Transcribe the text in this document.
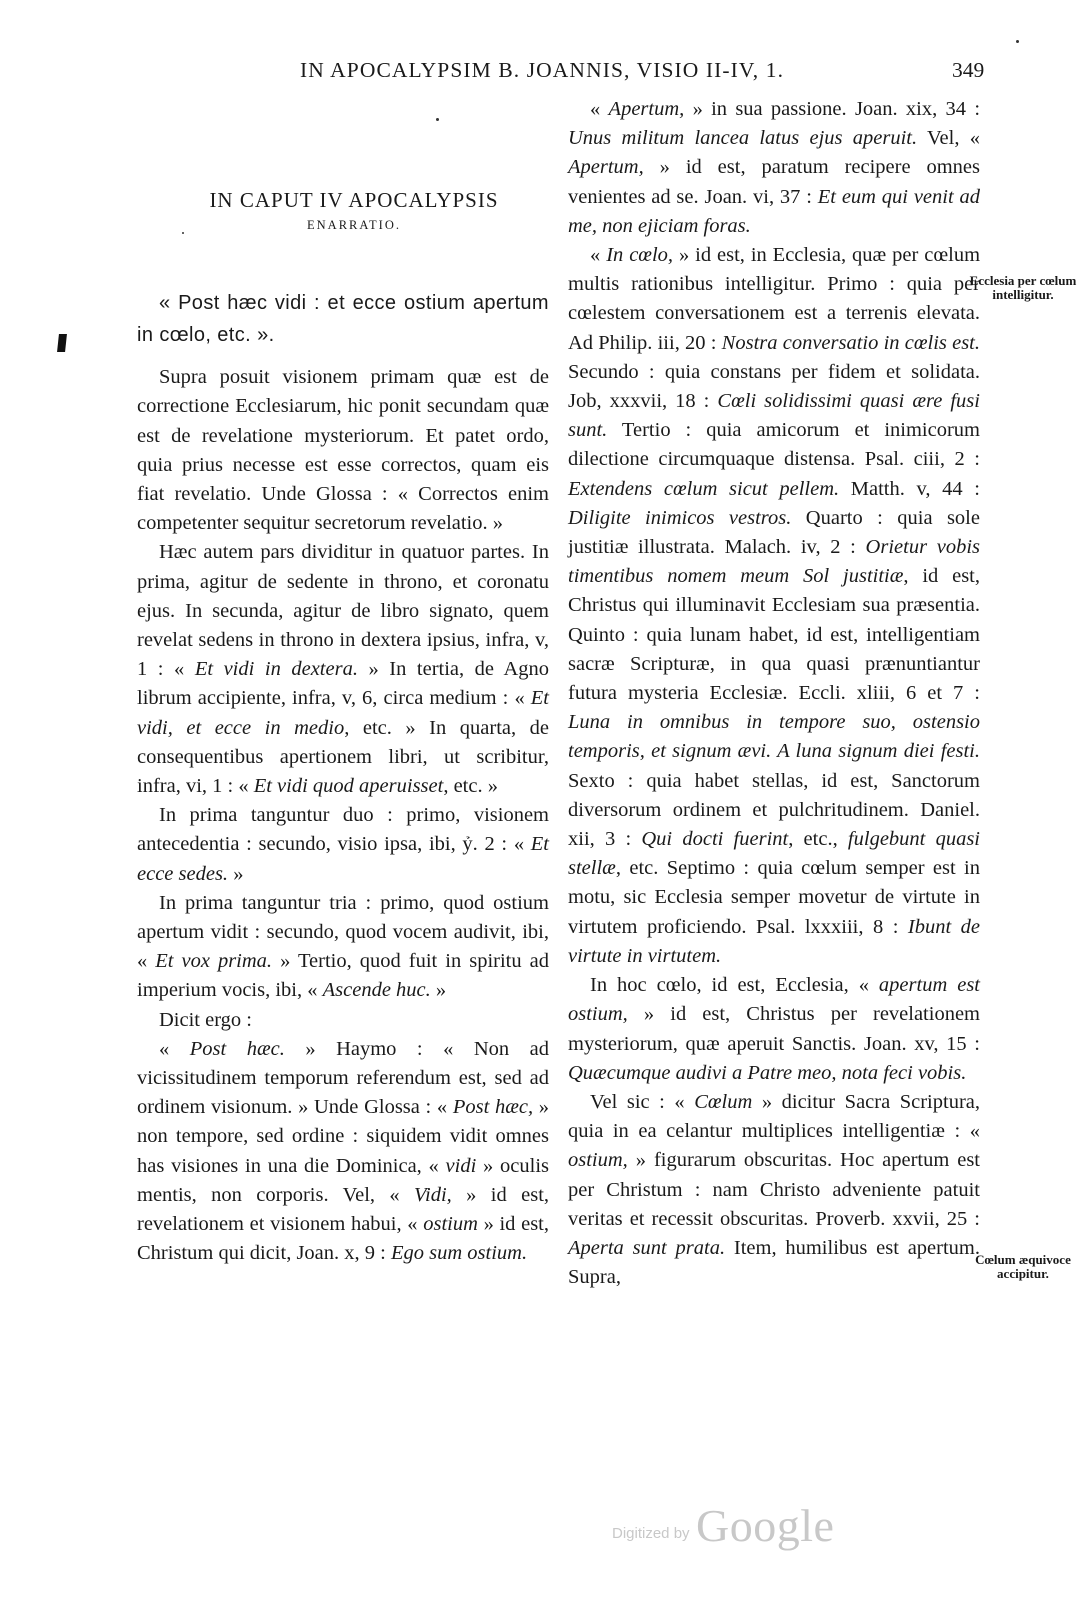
IN APOCALYPSIM B. JOANNIS, VISIO II-IV, 1.	349

IN CAPUT IV APOCALYPSIS

ENARRATIO.

« Post hæc vidi : et ecce ostium apertum in cœlo, etc. ».

Supra posuit visionem primam quæ est de correctione Ecclesiarum, hic ponit secundam quæ est de revelatione mysteriorum. Et patet ordo, quia prius necesse est esse correctos, quam eis fiat revelatio. Unde Glossa : « Correctos enim competenter sequitur secretorum revelatio. »

Hæc autem pars dividitur in quatuor partes. In prima, agitur de sedente in throno, et coronatu ejus. In secunda, agitur de libro signato, quem revelat sedens in throno in dextera ipsius, infra, v, 1 : « Et vidi in dextera. » In tertia, de Agno librum accipiente, infra, v, 6, circa medium : « Et vidi, et ecce in medio, etc. » In quarta, de consequentibus apertionem libri, ut scribitur, infra, vi, 1 : « Et vidi quod aperuisset, etc. »

In prima tanguntur duo : primo, visionem antecedentia : secundo, visio ipsa, ibi, ỷ. 2 : « Et ecce sedes. »

In prima tanguntur tria : primo, quod ostium apertum vidit : secundo, quod vocem audivit, ibi, « Et vox prima. » Tertio, quod fuit in spiritu ad imperium vocis, ibi, « Ascende huc. »

Dicit ergo :

« Post hæc. » Haymo : « Non ad vicissitudinem temporum referendum est, sed ad ordinem visionum. » Unde Glossa : « Post hæc, » non tempore, sed ordine : siquidem vidit omnes has visiones in una die Dominica, « vidi » oculis mentis, non corporis. Vel, « Vidi, » id est, revelationem et visionem habui, « ostium » id est, Christum qui dicit, Joan. x, 9 : Ego sum ostium.

« Apertum, » in sua passione. Joan. xix, 34 : Unus militum lancea latus ejus aperuit. Vel, « Apertum, » id est, paratum recipere omnes venientes ad se. Joan. vi, 37 : Et eum qui venit ad me, non ejiciam foras.

« In cœlo, » id est, in Ecclesia, quæ per cœlum multis rationibus intelligitur. Primo : quia per cœlestem conversationem est a terrenis elevata. Ad Philip. iii, 20 : Nostra conversatio in cœlis est. Secundo : quia constans per fidem et solidata. Job, xxxvii, 18 : Cœli solidissimi quasi ære fusi sunt. Tertio : quia amicorum et inimicorum dilectione circumquaque distensa. Psal. ciii, 2 : Extendens cœlum sicut pellem. Matth. v, 44 : Diligite inimicos vestros. Quarto : quia sole justitiæ illustrata. Malach. iv, 2 : Orietur vobis timentibus nomem meum Sol justitiæ, id est, Christus qui illuminavit Ecclesiam sua præsentia. Quinto : quia lunam habet, id est, intelligentiam sacræ Scripturæ, in qua quasi prænuntiantur futura mysteria Ecclesiæ. Eccli. xliii, 6 et 7 : Luna in omnibus in tempore suo, ostensio temporis, et signum ævi. A luna signum diei festi. Sexto : quia habet stellas, id est, Sanctorum diversorum ordinem et pulchritudinem. Daniel. xii, 3 : Qui docti fuerint, etc., fulgebunt quasi stellæ, etc. Septimo : quia cœlum semper est in motu, sic Ecclesia semper movetur de virtute in virtutem proficiendo. Psal. lxxxiii, 8 : Ibunt de virtute in virtutem.

In hoc cœlo, id est, Ecclesia, « apertum est ostium, » id est, Christus per revelationem mysteriorum, quæ aperuit Sanctis. Joan. xv, 15 : Quæcumque audivi a Patre meo, nota feci vobis.

Vel sic : « Cœlum » dicitur Sacra Scriptura, quia in ea celantur multiplices intelligentiæ : « ostium, » figurarum obscuritas. Hoc apertum est per Christum : nam Christo adveniente patuit veritas et recessit obscuritas. Proverb. xxvii, 25 : Aperta sunt prata. Item, humilibus est apertum. Supra,

Ecclesia per cœlum intelligitur.
Cœlum æquivoce accipitur.
Digitized by Google
